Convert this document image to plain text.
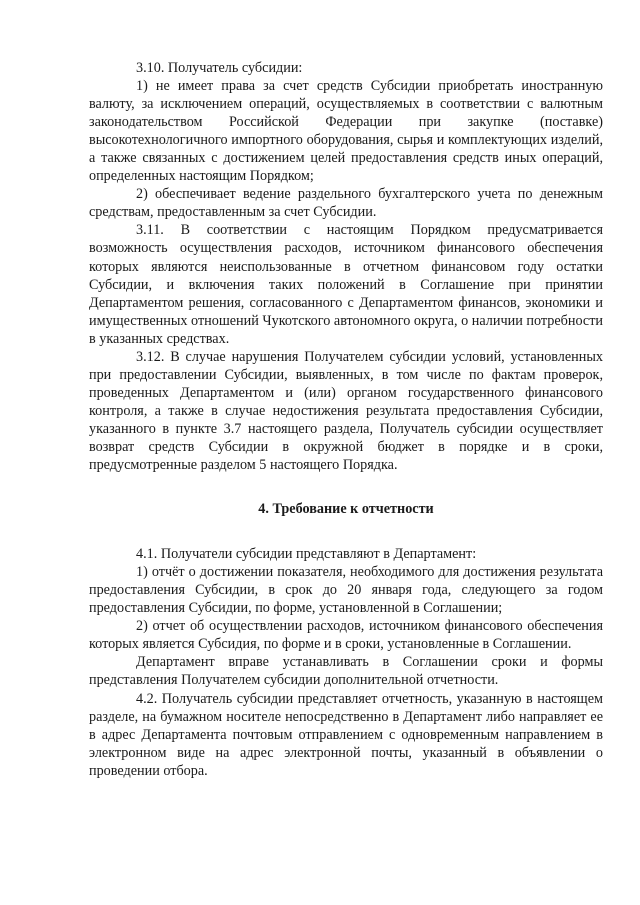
3.10. Получатель субсидии:

1) не имеет права за счет средств Субсидии приобретать иностранную валюту, за исключением операций, осуществляемых в соответствии с валютным законодательством Российской Федерации при закупке (поставке) высокотехнологичного импортного оборудования, сырья и комплектующих изделий, а также связанных с достижением целей предоставления средств иных операций, определенных настоящим Порядком;

2) обеспечивает ведение раздельного бухгалтерского учета по денежным средствам, предоставленным за счет Субсидии.

3.11. В соответствии с настоящим Порядком предусматривается возможность осуществления расходов, источником финансового обеспечения которых являются неиспользованные в отчетном финансовом году остатки Субсидии, и включения таких положений в Соглашение при принятии Департаментом решения, согласованного с Департаментом финансов, экономики и имущественных отношений Чукотского автономного округа, о наличии потребности в указанных средствах.

3.12. В случае нарушения Получателем субсидии условий, установленных при предоставлении Субсидии, выявленных, в том числе по фактам проверок, проведенных Департаментом и (или) органом государственного финансового контроля, а также в случае недостижения результата предоставления Субсидии, указанного в пункте 3.7 настоящего раздела, Получатель субсидии осуществляет возврат средств Субсидии в окружной бюджет в порядке и в сроки, предусмотренные разделом 5 настоящего Порядка.

4. Требование к отчетности

4.1. Получатели субсидии представляют в Департамент:

1) отчёт о достижении показателя, необходимого для достижения результата предоставления Субсидии, в срок до 20 января года, следующего за годом предоставления Субсидии, по форме, установленной в Соглашении;

2) отчет об осуществлении расходов, источником финансового обеспечения которых является Субсидия, по форме и в сроки, установленные в Соглашении.

Департамент вправе устанавливать в Соглашении сроки и формы представления Получателем субсидии дополнительной отчетности.

4.2. Получатель субсидии представляет отчетность, указанную в настоящем разделе, на бумажном носителе непосредственно в Департамент либо направляет ее в адрес Департамента почтовым отправлением с одновременным направлением в электронном виде на адрес электронной почты, указанный в объявлении о проведении отбора.
